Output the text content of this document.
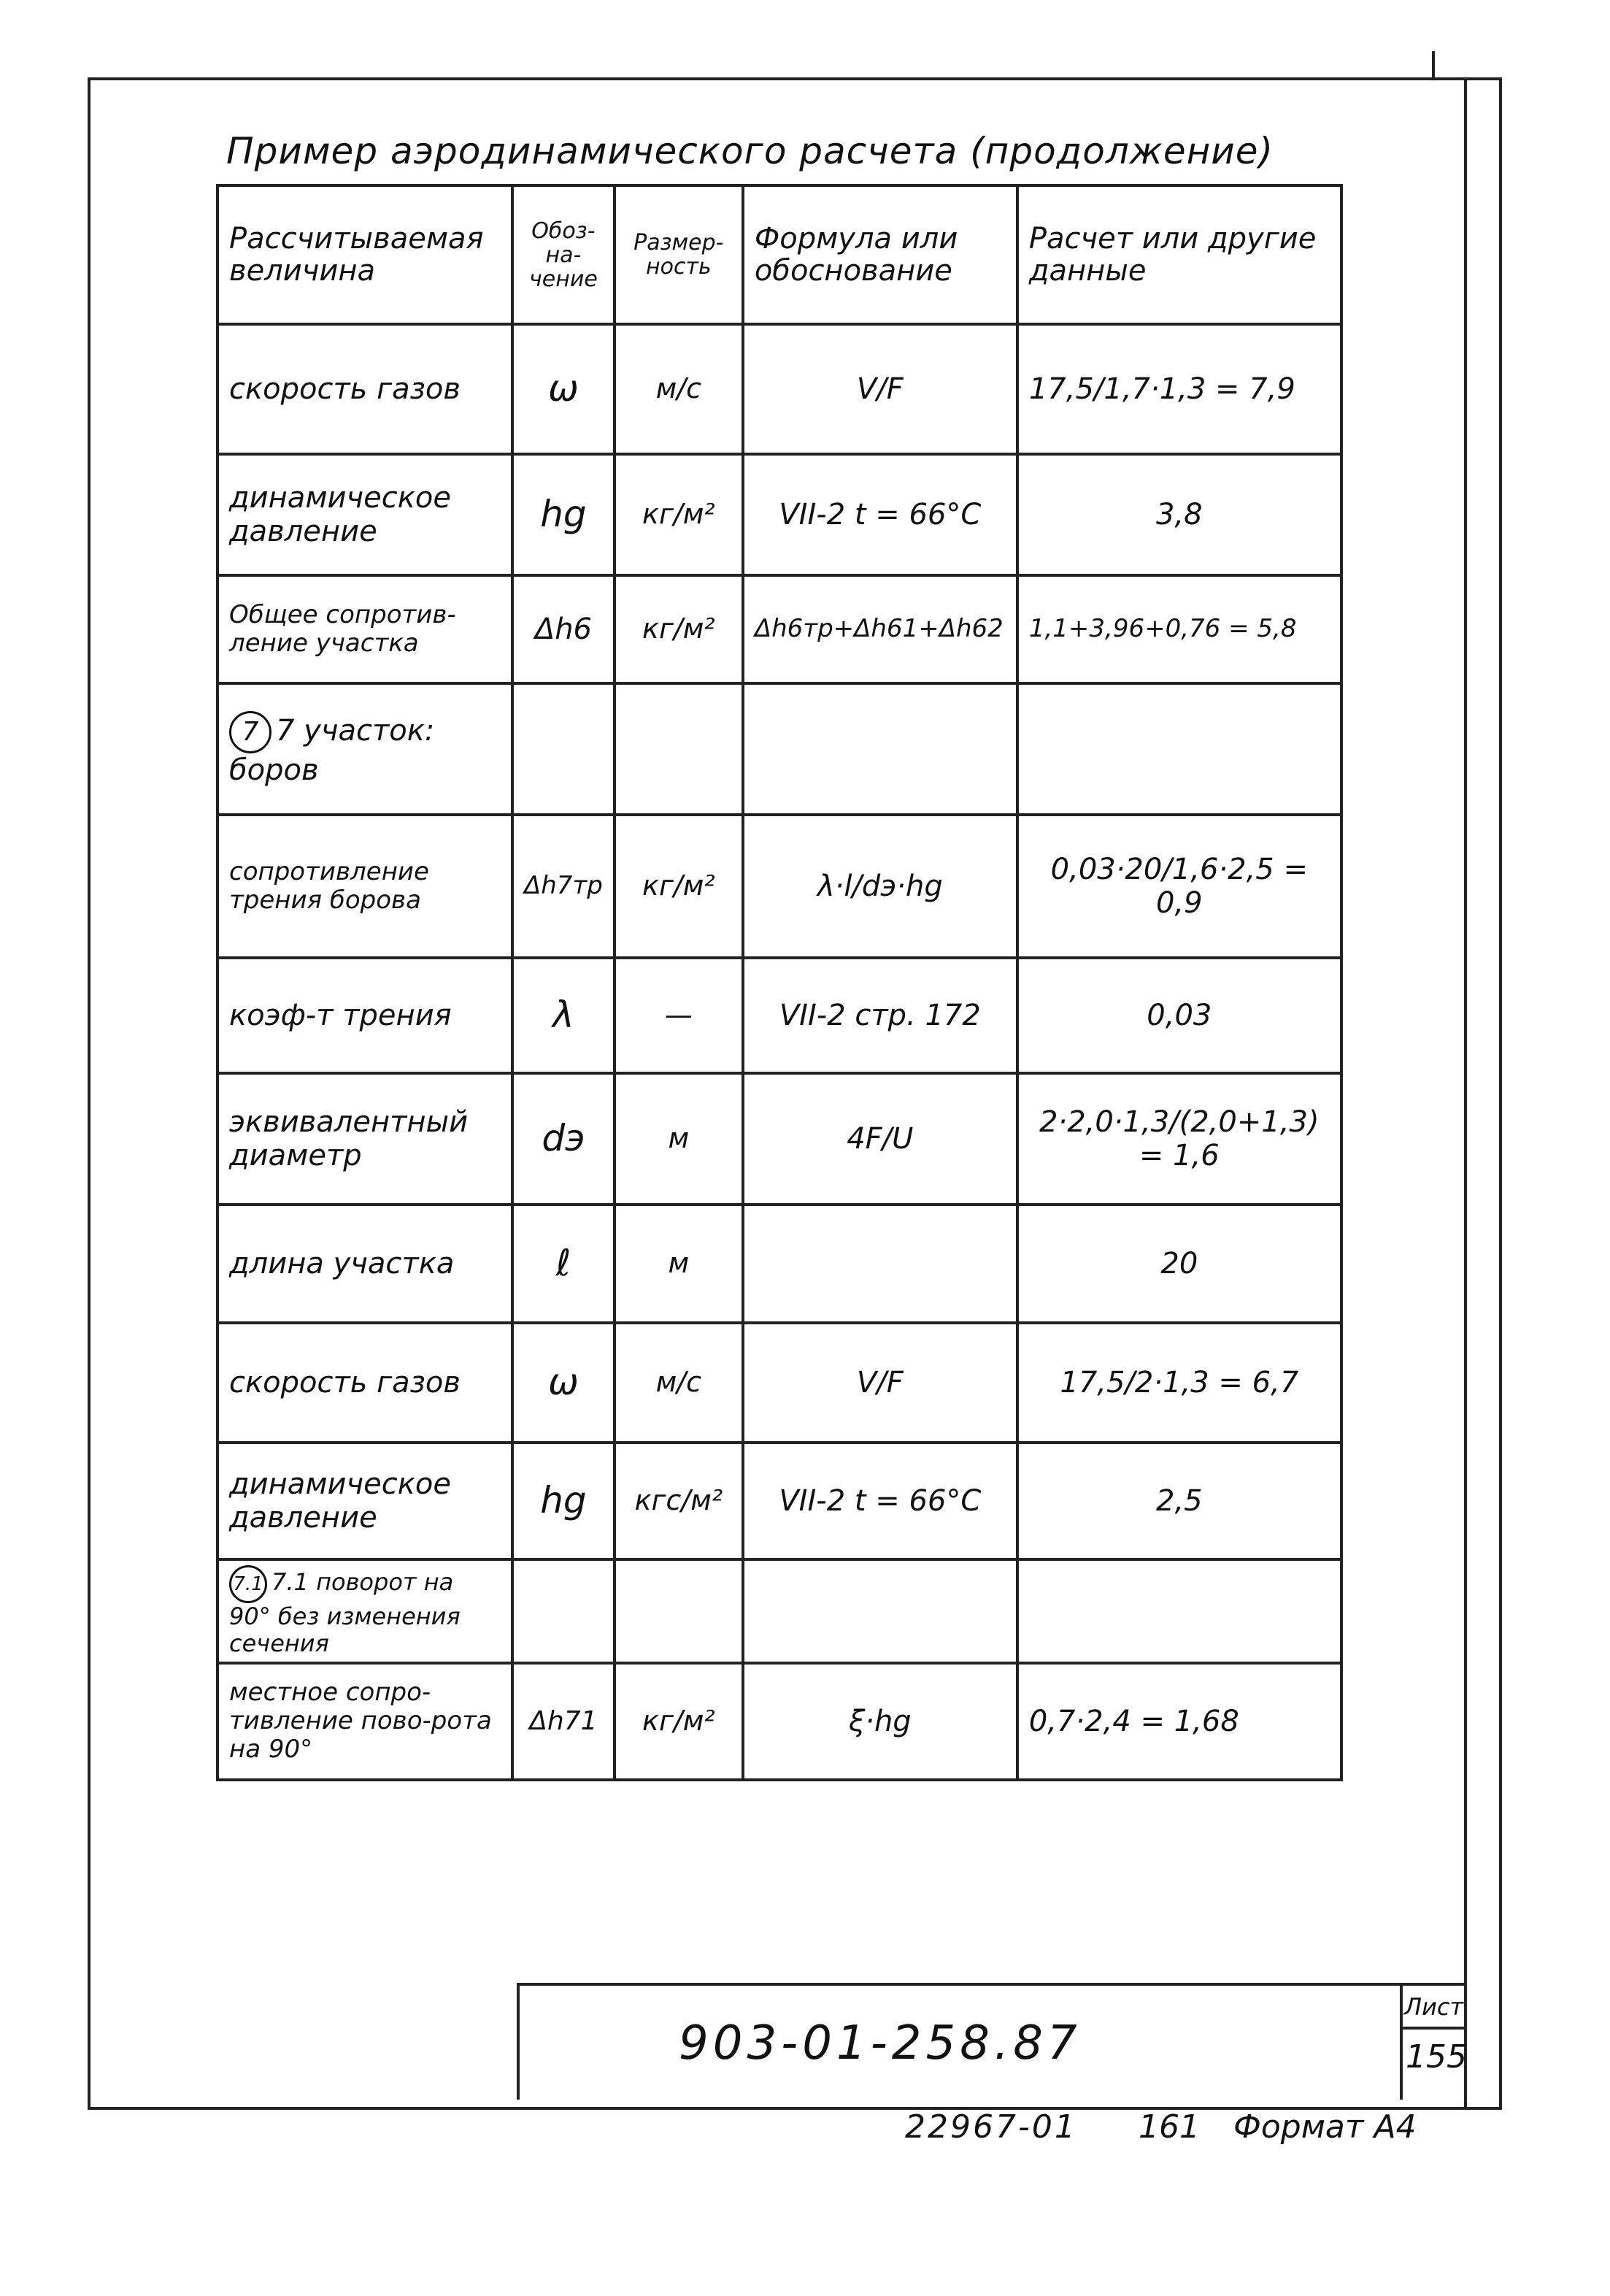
Пример аэродинамического расчета (продолжение)
Рассчитываемая величина	Обоз-на-чение	Размер-ность	Формула или обоснование	Расчет или другие данные
скорость газов	ω	м/с	V/F	17,5/1,7·1,3 = 7,9
динамическое давление	hg	кг/м²	VII-2 t = 66°C	3,8
Общее сопротив-ление участка	Δh6	кг/м²	Δh6тр+Δh61+Δh62	1,1+3,96+0,76 = 5,8
7 7 участок: боров				
сопротивление трения борова	Δh7тр	кг/м²	λ·l/dэ·hg	0,03·20/1,6·2,5 = 0,9
коэф-т трения	λ	—	VII-2 стр. 172	0,03
эквивалентный диаметр	dэ	м	4F/U	2·2,0·1,3/(2,0+1,3) = 1,6
длина участка	ℓ	м		20
скорость газов	ω	м/с	V/F	17,5/2·1,3 = 6,7
динамическое давление	hg	кгс/м²	VII-2 t = 66°C	2,5
7.1 7.1 поворот на 90° без изменения сечения				
местное сопро-тивление пово-рота на 90°	Δh71	кг/м²	ξ·hg	0,7·2,4 = 1,68
903-01-258.87
Лист
155
22967-01 161 Формат А4
